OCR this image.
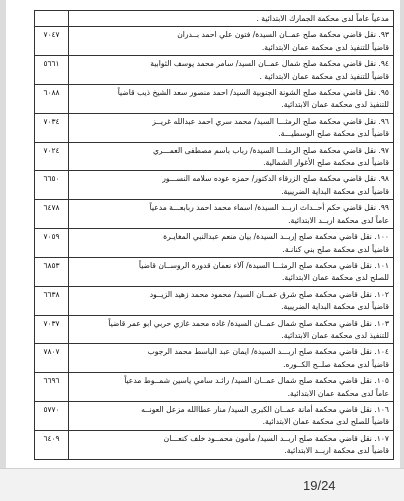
مدعياً عاماً لدى محكمة الجمارك الابتدائية .
٧٠٤٧	٩٣. نقل قاضي محكمة صلح عمــان السيدة/ فتون علي احمد بــدران
قاضياً للتنفيذ لدى محكمة عمان الابتدائية.
٥٦٦١	٩٤. نقل قاضي محكمة صلح شمال عمــان السيد/ سامر محمد يوسف الثوابية
قاضياً للتنفيذ لدى محكمة عمان الابتدائية .
٦٠٨٨	٩٥. نقل قاضي محكمة صلح الشونة الجنوبية السيد/ احمد منصور سعد الشيخ ذيب قاضياً
للتنفيذ لدى محكمة عمان الابتدائية.
٧٠٣٤	٩٦. نقل قاضي محكمة صلح الرمثـــا السيد/ محمد سري احمد عبدالله غريــز
قاضياً لدى محكمة صلح الوسطيـــة.
٧٠٢٤	٩٧. نقل قاضي محكمة صلح الرمثـــا السيدة/ رباب باسم مصطفى العمـــري
قاضياً لدى محكمة صلح الأغوار الشمالية.
٦٦٥٠	٩٨. نقل قاضي محكمة صلح الزرقاء الدكتور/ حمزه عوده سلامه النســـور
قاضياً لدى محكمة البداية الضريبية.
٦٤٧٨	٩٩. نقل قاضي حكم أحــداث اربــد السيدة/ اسماء محمد احمد ربابعـــة مدعياً
عاماً لدى محكمة اربــد الابتدائية.
٧٠٥٩	١٠٠. نقل قاضي محكمة صلح إربــد السيدة/ بيان منعم عبدالنبي المغايـرة
قاضياً لدى محكمة صلح بني كنانـة.
٦٨٥٣	١٠١. نقل قاضي محكمة صلح الرمثـــا السيدة/ آلاء نعمان قدورة الروســان قاضياً
للصلح لدى محكمة عمان الابتدائية.
٦٦٣٨	١٠٢. نقل قاضي محكمة صلح شرق عمــان السيد/ محمود محمد زهيد الزيــود
قاضياً لدى محكمة البداية الضريبية.
٧٠٣٧	١٠٣. نقل قاضي محكمة صلح شمال عمــان السيدة/ غاده محمد غازي حربي ابو عمر قاضياً
للتنفيذ لدى محكمة عمان الابتدائية.
٧٨٠٧	١٠٤. نقل قاضي محكمة صلح اربـــد السيدة/ ايمان عبد الباسط محمد الرجوب
قاضياً لدى محكمة صلــح الكــوره.
٦٦٩٦	١٠٥. نقل قاضي محكمة صلح شمال عمــان السيد/ رائـد سامي ياسين شمــوط مدعياً
عاماً لدى محكمة عمان الابتدائية.
٥٧٧٠	١٠٦. نقل قاضي محكمة أمانة عمــان الكبرى السيد/ منار عطاالله مزعل العونــه
قاضياً للصلح لدى محكمة عمان الابتدائية.
٦٤٠٩	١٠٧. نقل قاضي محكمة صلح اربــد السيد/ مأمون محمــود خلف كنعـــان
قاضياً لدى محكمة اربــد الابتدائية.
19/24
